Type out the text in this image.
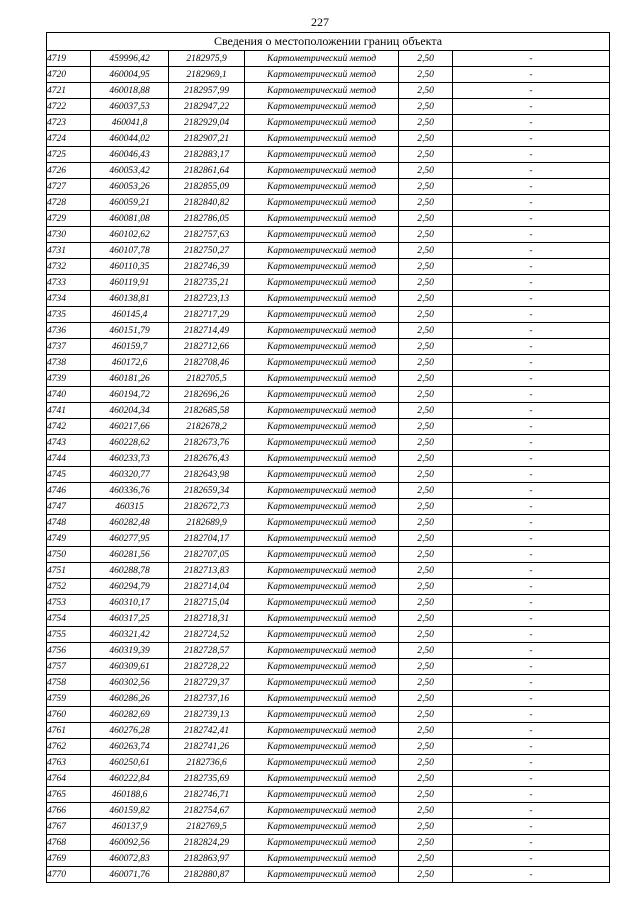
227
Сведения о местоположении границ объекта					
4719	459996,42	2182975,9	Картометрический метод	2,50	-
4720	460004,95	2182969,1	Картометрический метод	2,50	-
4721	460018,88	2182957,99	Картометрический метод	2,50	-
4722	460037,53	2182947,22	Картометрический метод	2,50	-
4723	460041,8	2182929,04	Картометрический метод	2,50	-
4724	460044,02	2182907,21	Картометрический метод	2,50	-
4725	460046,43	2182883,17	Картометрический метод	2,50	-
4726	460053,42	2182861,64	Картометрический метод	2,50	-
4727	460053,26	2182855,09	Картометрический метод	2,50	-
4728	460059,21	2182840,82	Картометрический метод	2,50	-
4729	460081,08	2182786,05	Картометрический метод	2,50	-
4730	460102,62	2182757,63	Картометрический метод	2,50	-
4731	460107,78	2182750,27	Картометрический метод	2,50	-
4732	460110,35	2182746,39	Картометрический метод	2,50	-
4733	460119,91	2182735,21	Картометрический метод	2,50	-
4734	460138,81	2182723,13	Картометрический метод	2,50	-
4735	460145,4	2182717,29	Картометрический метод	2,50	-
4736	460151,79	2182714,49	Картометрический метод	2,50	-
4737	460159,7	2182712,66	Картометрический метод	2,50	-
4738	460172,6	2182708,46	Картометрический метод	2,50	-
4739	460181,26	2182705,5	Картометрический метод	2,50	-
4740	460194,72	2182696,26	Картометрический метод	2,50	-
4741	460204,34	2182685,58	Картометрический метод	2,50	-
4742	460217,66	2182678,2	Картометрический метод	2,50	-
4743	460228,62	2182673,76	Картометрический метод	2,50	-
4744	460233,73	2182676,43	Картометрический метод	2,50	-
4745	460320,77	2182643,98	Картометрический метод	2,50	-
4746	460336,76	2182659,34	Картометрический метод	2,50	-
4747	460315	2182672,73	Картометрический метод	2,50	-
4748	460282,48	2182689,9	Картометрический метод	2,50	-
4749	460277,95	2182704,17	Картометрический метод	2,50	-
4750	460281,56	2182707,05	Картометрический метод	2,50	-
4751	460288,78	2182713,83	Картометрический метод	2,50	-
4752	460294,79	2182714,04	Картометрический метод	2,50	-
4753	460310,17	2182715,04	Картометрический метод	2,50	-
4754	460317,25	2182718,31	Картометрический метод	2,50	-
4755	460321,42	2182724,52	Картометрический метод	2,50	-
4756	460319,39	2182728,57	Картометрический метод	2,50	-
4757	460309,61	2182728,22	Картометрический метод	2,50	-
4758	460302,56	2182729,37	Картометрический метод	2,50	-
4759	460286,26	2182737,16	Картометрический метод	2,50	-
4760	460282,69	2182739,13	Картометрический метод	2,50	-
4761	460276,28	2182742,41	Картометрический метод	2,50	-
4762	460263,74	2182741,26	Картометрический метод	2,50	-
4763	460250,61	2182736,6	Картометрический метод	2,50	-
4764	460222,84	2182735,69	Картометрический метод	2,50	-
4765	460188,6	2182746,71	Картометрический метод	2,50	-
4766	460159,82	2182754,67	Картометрический метод	2,50	-
4767	460137,9	2182769,5	Картометрический метод	2,50	-
4768	460092,56	2182824,29	Картометрический метод	2,50	-
4769	460072,83	2182863,97	Картометрический метод	2,50	-
4770	460071,76	2182880,87	Картометрический метод	2,50	-
